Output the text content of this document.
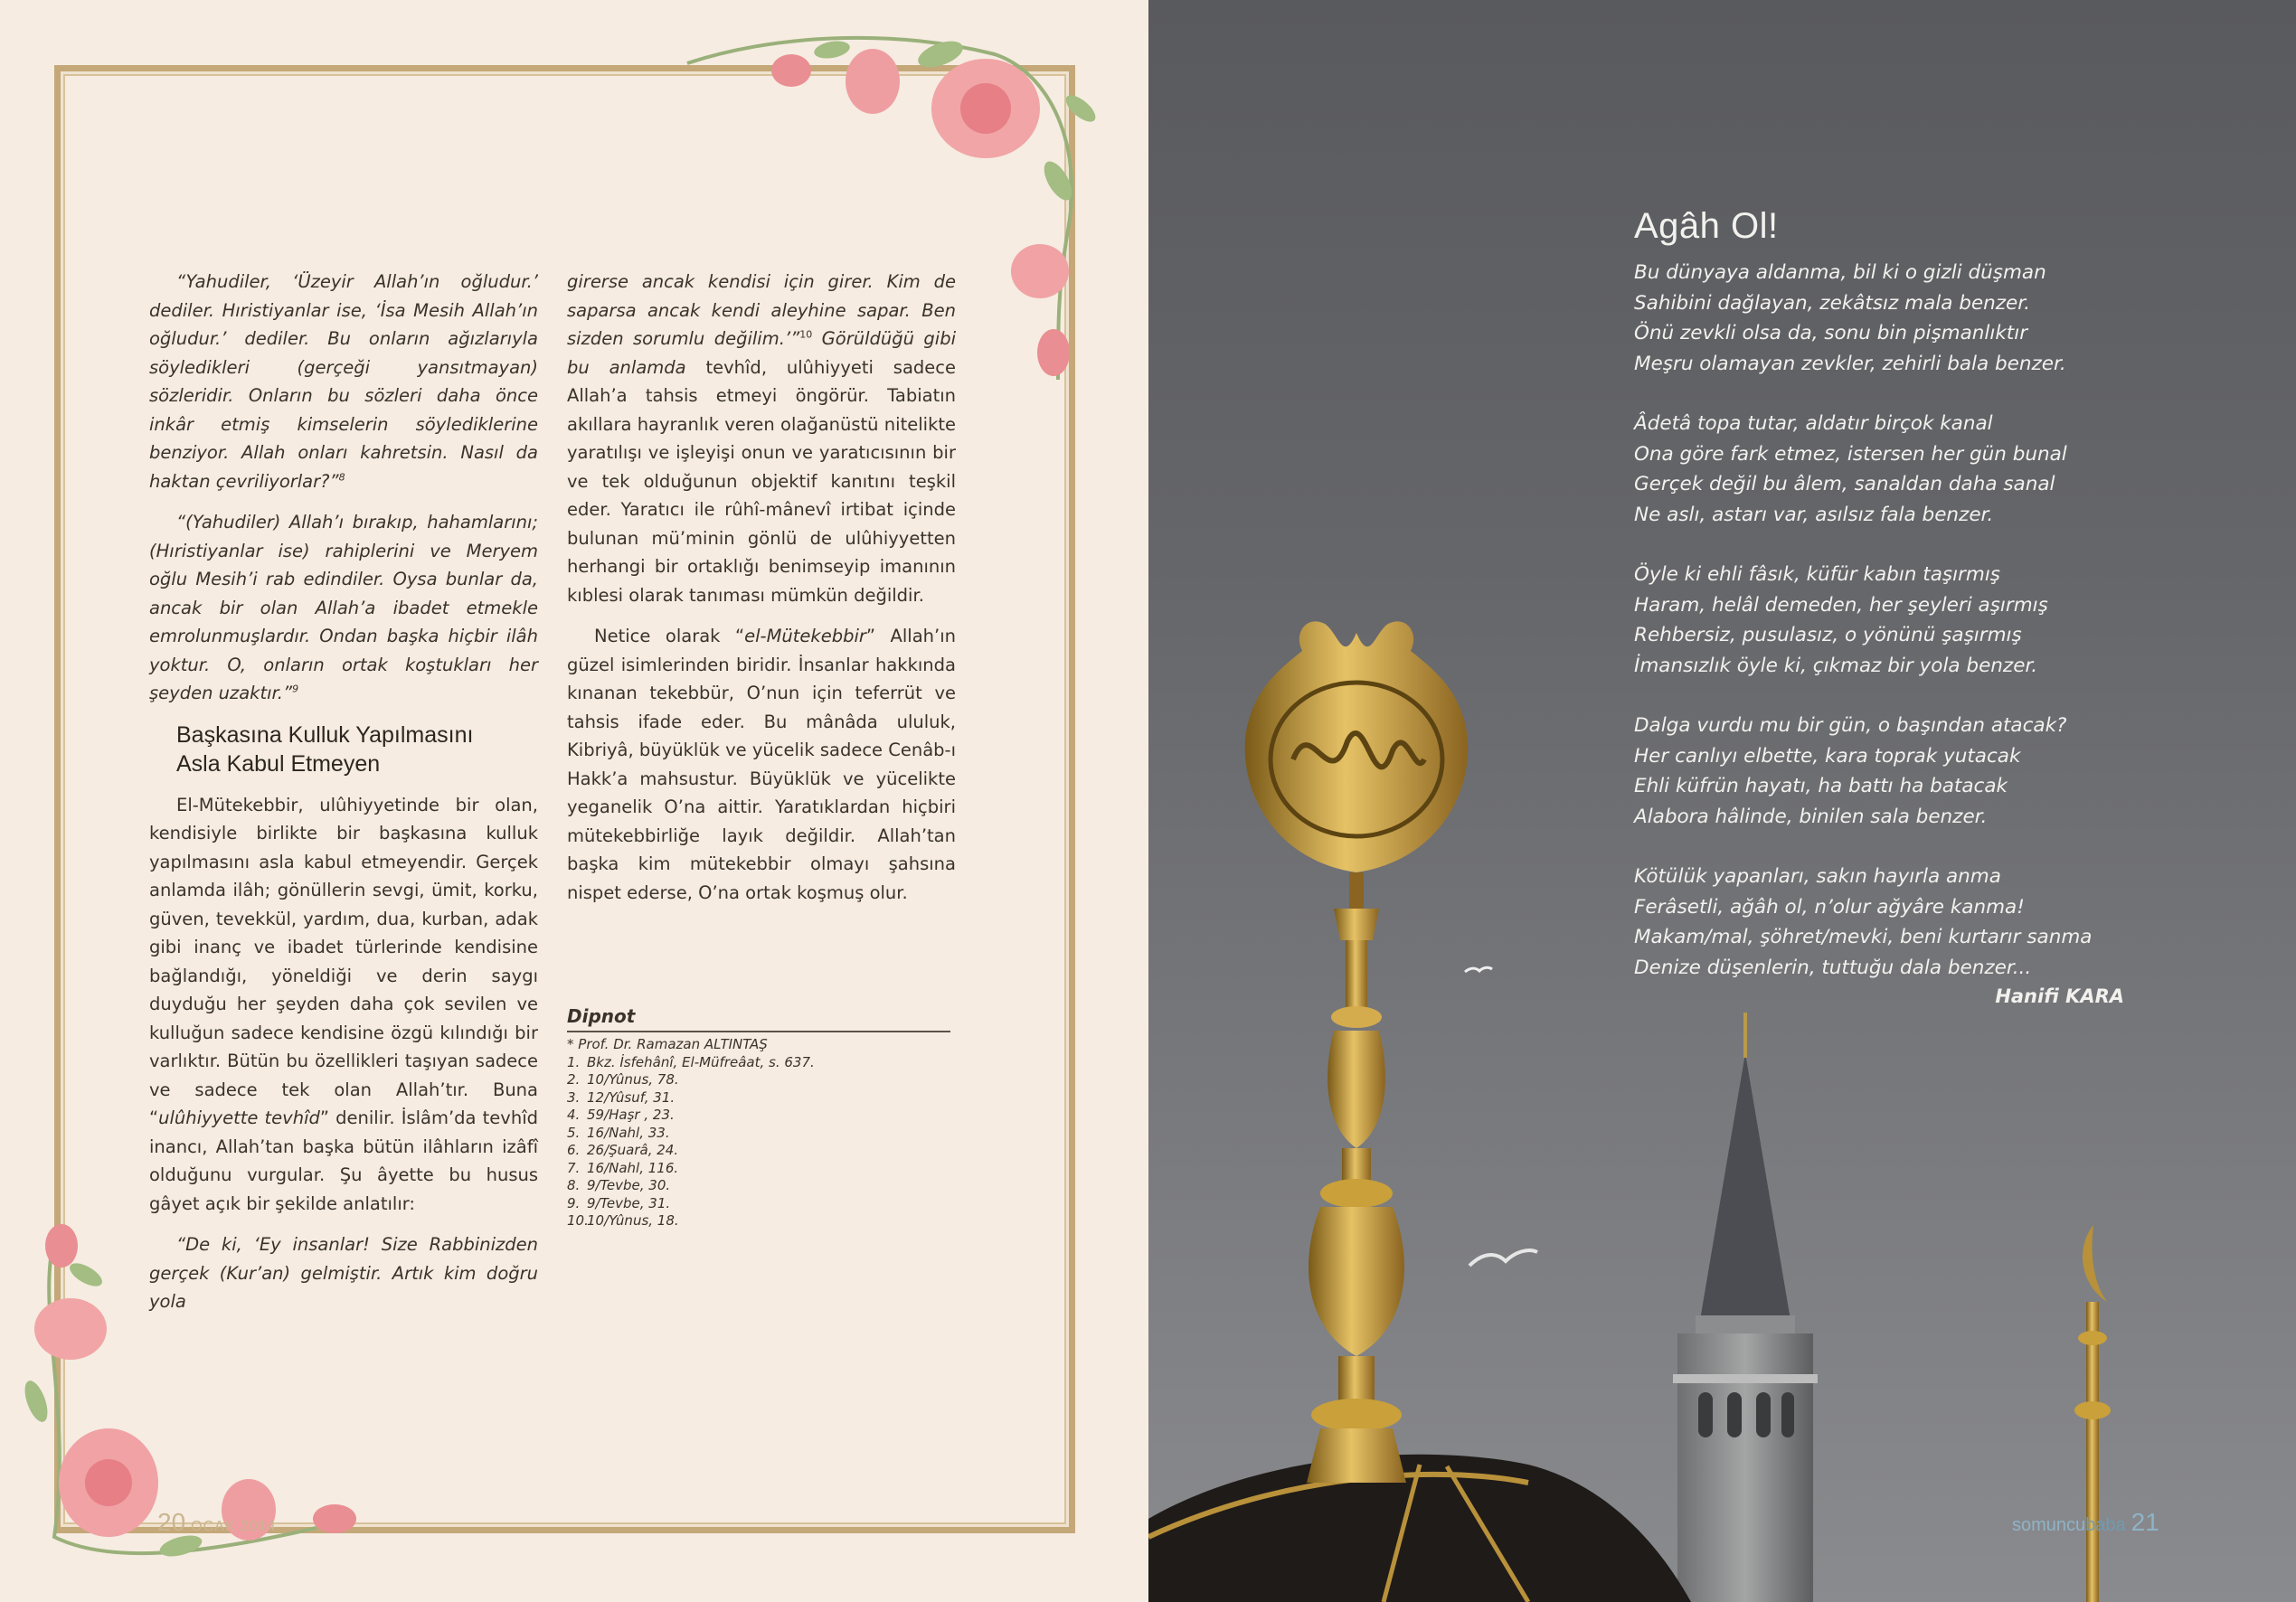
“Yahudiler, ‘Üzeyir Allah’ın oğludur.’ dediler. Hıristiyanlar ise, ‘İsa Mesih Allah’ın oğludur.’ dediler. Bu onların ağızlarıyla söyledikleri (gerçeği yansıtmayan) sözleridir. Onların bu sözleri daha önce inkâr etmiş kimselerin söylediklerine benziyor. Allah onları kahretsin. Nasıl da haktan çevriliyorlar?”$^8$

“(Yahudiler) Allah’ı bırakıp, hahamlarını; (Hıristiyanlar ise) rahiplerini ve Meryem oğlu Mesih’i rab edindiler. Oysa bunlar da, ancak bir olan Allah’a ibadet etmekle emrolunmuşlardır. Ondan başka hiçbir ilâh yoktur. O, onların ortak koştukları her şeyden uzaktır.”$^9$

Başkasına Kulluk Yapılmasını
Asla Kabul Etmeyen

El-Mütekebbir, ulûhiyyetinde bir olan, kendisiyle birlikte bir başkasına kulluk yapılmasını asla kabul etmeyendir. Gerçek anlamda ilâh; gönüllerin sevgi, ümit, korku, güven, tevekkül, yardım, dua, kurban, adak gibi inanç ve ibadet türlerinde kendisine bağlandığı, yöneldiği ve derin saygı duyduğu her şeyden daha çok sevilen ve kulluğun sadece kendisine özgü kılındığı bir varlıktır. Bütün bu özellikleri taşıyan sadece ve sadece tek olan Allah’tır. Buna “ulûhiyyette tevhîd” denilir. İslâm’da tevhîd inancı, Allah’tan başka bütün ilâhların izâfî olduğunu vurgular. Şu âyette bu husus gâyet açık bir şekilde anlatılır:

“De ki, ‘Ey insanlar! Size Rabbinizden gerçek (Kur’an) gelmiştir. Artık kim doğru yola

girerse ancak kendisi için girer. Kim de saparsa ancak kendi aleyhine sapar. Ben sizden sorumlu değilim.’”$^{10}$ Görüldüğü gibi bu anlamda tevhîd, ulûhiyyeti sadece Allah’a tahsis etmeyi öngörür. Tabiatın akıllara hayranlık veren olağanüstü nitelikte yaratılışı ve işleyişi onun ve yaratıcısının bir ve tek olduğunun objektif kanıtını teşkil eder. Yaratıcı ile rûhî-mânevî irtibat içinde bulunan mü’minin gönlü de ulûhiyyetten herhangi bir ortaklığı benimseyip imanının kıblesi olarak tanıması mümkün değildir.

Netice olarak “el-Mütekebbir” Allah’ın güzel isimlerinden biridir. İnsanlar hakkında kınanan tekebbür, O’nun için teferrüt ve tahsis ifade eder. Bu mânâda ululuk, Kibriyâ, büyüklük ve yücelik sadece Cenâb-ı Hakk’a mahsustur. Büyüklük ve yücelikte yeganelik O’na aittir. Yaratıklardan hiçbiri mütekebbirliğe layık değildir. Allah’tan başka kim mütekebbir olmayı şahsına nispet ederse, O’na ortak koşmuş olur.

Dipnot
* Prof. Dr. Ramazan ALTINTAŞ
1. Bkz. İsfehânî, El-Müfreâat, s. 637.
2. 10/Yûnus, 78.
3. 12/Yûsuf, 31.
4. 59/Haşr , 23.
5. 16/Nahl, 33.
6. 26/Şuarâ, 24.
7. 16/Nahl, 116.
8. 9/Tevbe, 30.
9. 9/Tevbe, 31.
10.10/Yûnus, 18.
20 OCAK 2014
Agâh Ol!
Bu dünyaya aldanma, bil ki o gizli düşman
Sahibini dağlayan, zekâtsız mala benzer.
Önü zevkli olsa da, sonu bin pişmanlıktır
Meşru olamayan zevkler, zehirli bala benzer.
Âdetâ topa tutar, aldatır birçok kanal
Ona göre fark etmez, istersen her gün bunal
Gerçek değil bu âlem, sanaldan daha sanal
Ne aslı, astarı var, asılsız fala benzer.
Öyle ki ehli fâsık, küfür kabın taşırmış
Haram, helâl demeden, her şeyleri aşırmış
Rehbersiz, pusulasız, o yönünü şaşırmış
İmansızlık öyle ki, çıkmaz bir yola benzer.
Dalga vurdu mu bir gün, o başından atacak?
Her canlıyı elbette, kara toprak yutacak
Ehli küfrün hayatı, ha battı ha batacak
Alabora hâlinde, binilen sala benzer.
Kötülük yapanları, sakın hayırla anma
Ferâsetli, ağâh ol, n’olur ağyâre kanma!
Makam/mal, şöhret/mevki, beni kurtarır sanma
Denize düşenlerin, tuttuğu dala benzer...
Hanifi KARA
somuncubaba 21
